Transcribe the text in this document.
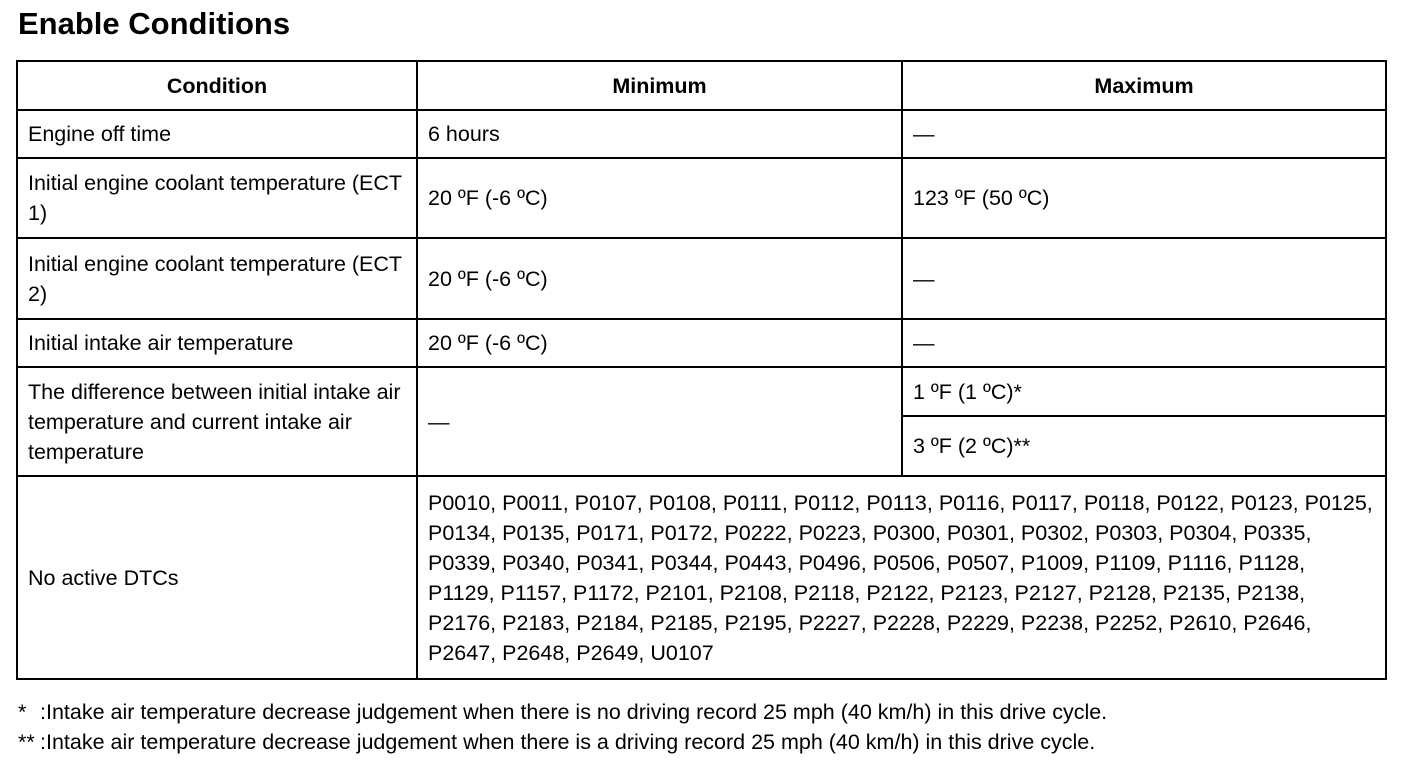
Enable Conditions
Condition	Minimum	Maximum
Engine off time	6 hours	—
Initial engine coolant temperature (ECT 1)	20 ºF (-6 ºC)	123 ºF (50 ºC)
Initial engine coolant temperature (ECT 2)	20 ºF (-6 ºC)	—
Initial intake air temperature	20 ºF (-6 ºC)	—
The difference between initial intake air temperature and current intake air temperature	—	1 ºF (1 ºC)*
		3 ºF (2 ºC)**
No active DTCs	P0010, P0011, P0107, P0108, P0111, P0112, P0113, P0116, P0117, P0118, P0122, P0123, P0125, P0134, P0135, P0171, P0172, P0222, P0223, P0300, P0301, P0302, P0303, P0304, P0335, P0339, P0340, P0341, P0344, P0443, P0496, P0506, P0507, P1009, P1109, P1116, P1128, P1129, P1157, P1172, P2101, P2108, P2118, P2122, P2123, P2127, P2128, P2135, P2138, P2176, P2183, P2184, P2185, P2195, P2227, P2228, P2229, P2238, P2252, P2610, P2646, P2647, P2648, P2649, U0107	
* :Intake air temperature decrease judgement when there is no driving record 25 mph (40 km/h) in this drive cycle.
** :Intake air temperature decrease judgement when there is a driving record 25 mph (40 km/h) in this drive cycle.
